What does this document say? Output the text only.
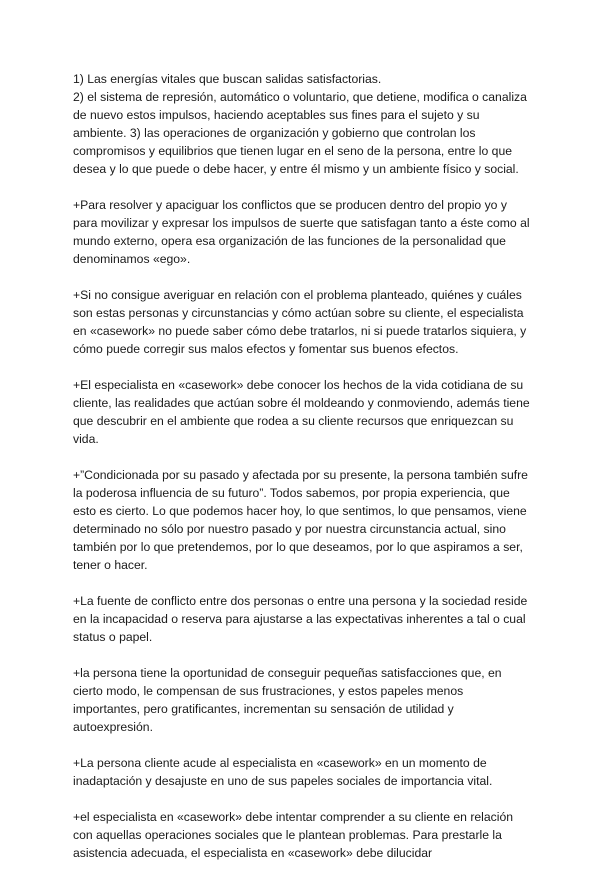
1) Las energías vitales que buscan salidas satisfactorias.
2) el sistema de represión, automático o voluntario, que detiene, modifica o canaliza
de nuevo estos impulsos, haciendo aceptables sus fines para el sujeto y su
ambiente. 3) las operaciones de organización y gobierno que controlan los
compromisos y equilibrios que tienen lugar en el seno de la persona, entre lo que
desea y lo que puede o debe hacer, y entre él mismo y un ambiente físico y social.

+Para resolver y apaciguar los conflictos que se producen dentro del propio yo y
para movilizar y expresar los impulsos de suerte que satisfagan tanto a éste como al
mundo externo, opera esa organización de las funciones de la personalidad que
denominamos «ego».

+Si no consigue averiguar en relación con el problema planteado, quiénes y cuáles
son estas personas y circunstancias y cómo actúan sobre su cliente, el especialista
en «casework» no puede saber cómo debe tratarlos, ni si puede tratarlos siquiera, y
cómo puede corregir sus malos efectos y fomentar sus buenos efectos.

+El especialista en «casework» debe conocer los hechos de la vida cotidiana de su
cliente, las realidades que actúan sobre él moldeando y conmoviendo, además tiene
que descubrir en el ambiente que rodea a su cliente recursos que enriquezcan su
vida.

+”Condicionada por su pasado y afectada por su presente, la persona también sufre
la poderosa influencia de su futuro”. Todos sabemos, por propia experiencia, que
esto es cierto. Lo que podemos hacer hoy, lo que sentimos, lo que pensamos, viene
determinado no sólo por nuestro pasado y por nuestra circunstancia actual, sino
también por lo que pretendemos, por lo que deseamos, por lo que aspiramos a ser,
tener o hacer.

+La fuente de conflicto entre dos personas o entre una persona y la sociedad reside
en la incapacidad o reserva para ajustarse a las expectativas inherentes a tal o cual
status o papel.

+la persona tiene la oportunidad de conseguir pequeñas satisfacciones que, en
cierto modo, le compensan de sus frustraciones, y estos papeles menos
importantes, pero gratificantes, incrementan su sensación de utilidad y
autoexpresión.

+La persona cliente acude al especialista en «casework» en un momento de
inadaptación y desajuste en uno de sus papeles sociales de importancia vital.

+el especialista en «casework» debe intentar comprender a su cliente en relación
con aquellas operaciones sociales que le plantean problemas. Para prestarle la
asistencia adecuada, el especialista en «casework» debe dilucidar
